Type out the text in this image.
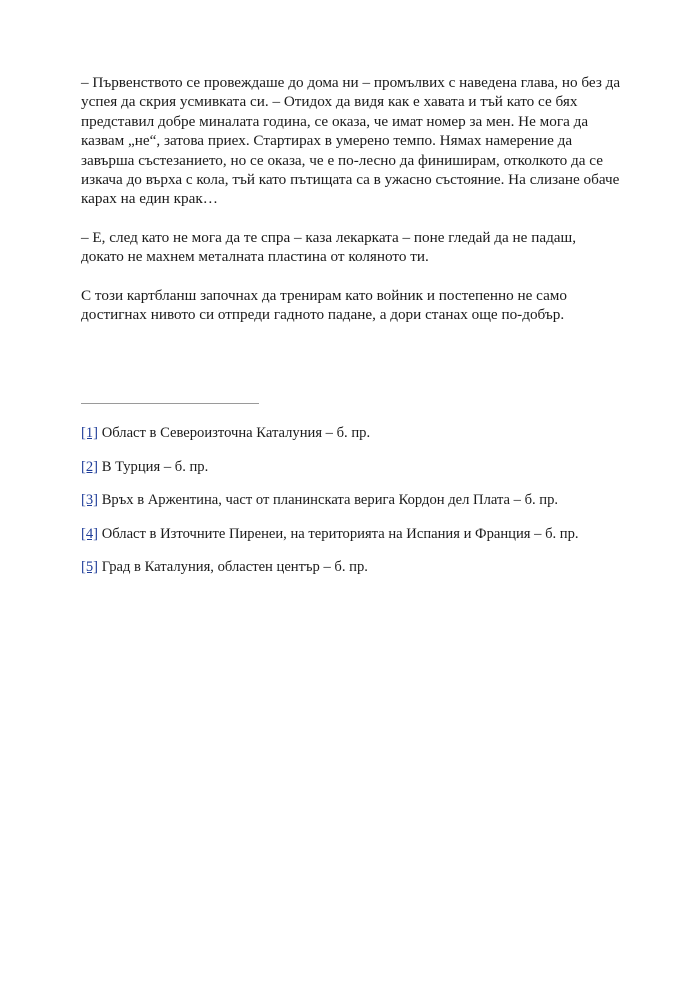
– Първенството се провеждаше до дома ни – промълвих с наведена глава, но без да успея да скрия усмивката си. – Отидох да видя как е хавата и тъй като се бях представил добре миналата година, се оказа, че имат номер за мен. Не мога да казвам „не“, затова приех. Стартирах в умерено темпо. Нямах намерение да завърша състезанието, но се оказа, че е по-лесно да финиширам, отколкото да се изкача до върха с кола, тъй като пътищата са в ужасно състояние. На слизане обаче карах на един крак…

– Е, след като не мога да те спра – каза лекарката – поне гледай да не падаш, докато не махнем металната пластина от коляното ти.

С този картбланш започнах да тренирам като войник и постепенно не само достигнах нивото си отпреди гадното падане, а дори станах още по-добър.

[1] Област в Североизточна Каталуния – б. пр.

[2] В Турция – б. пр.

[3] Връх в Аржентина, част от планинската верига Кордон дел Плата – б. пр.

[4] Област в Източните Пиренеи, на територията на Испания и Франция – б. пр.

[5] Град в Каталуния, областен център – б. пр.
